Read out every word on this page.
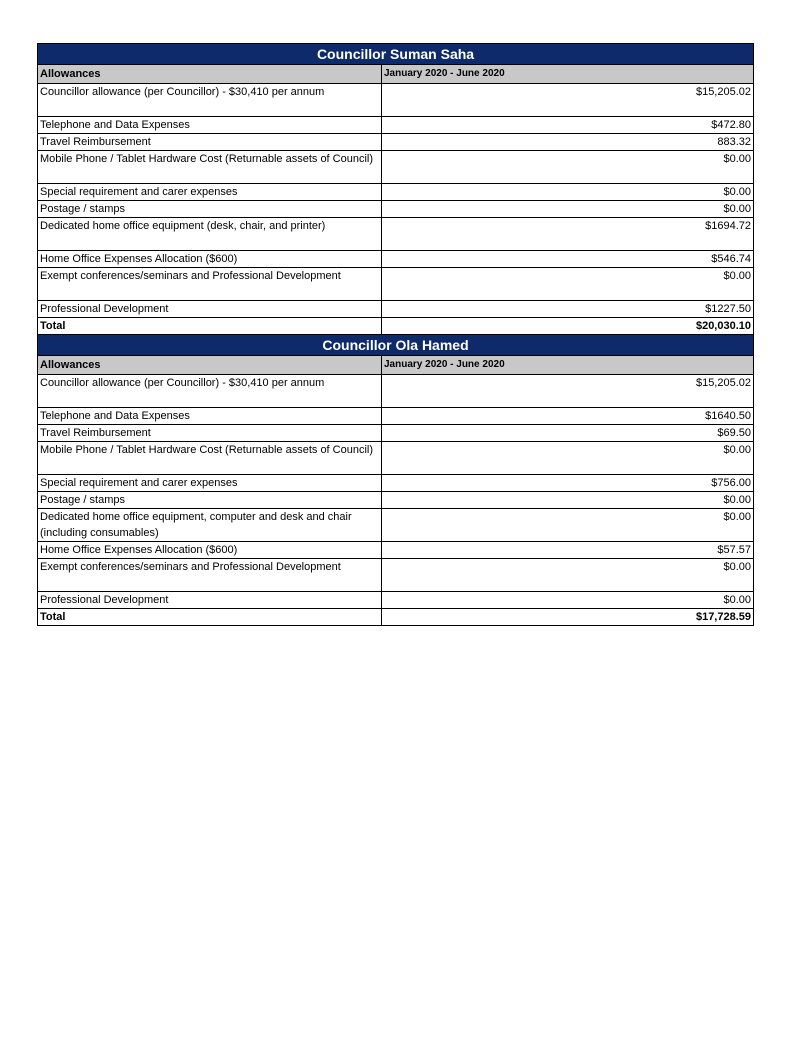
Councillor Suman Saha	
Allowances	January 2020 - June 2020
Councillor allowance (per Councillor) - $30,410 per annum	$15,205.02
Telephone and Data Expenses	$472.80
Travel Reimbursement	883.32
Mobile Phone / Tablet Hardware Cost (Returnable assets of Council)	$0.00
Special requirement and carer expenses	$0.00
Postage / stamps	$0.00
Dedicated home office equipment (desk, chair, and printer)	$1694.72
Home Office Expenses Allocation ($600)	$546.74
Exempt conferences/seminars and Professional Development	$0.00
Professional Development	$1227.50
Total	$20,030.10
Councillor Ola Hamed	
Allowances	January 2020 - June 2020
Councillor allowance (per Councillor) - $30,410 per annum	$15,205.02
Telephone and Data Expenses	$1640.50
Travel Reimbursement	$69.50
Mobile Phone / Tablet Hardware Cost (Returnable assets of Council)	$0.00
Special requirement and carer expenses	$756.00
Postage / stamps	$0.00
Dedicated home office equipment, computer and desk and chair (including consumables)	$0.00
Home Office Expenses Allocation ($600)	$57.57
Exempt conferences/seminars and Professional Development	$0.00
Professional Development	$0.00
Total	$17,728.59
